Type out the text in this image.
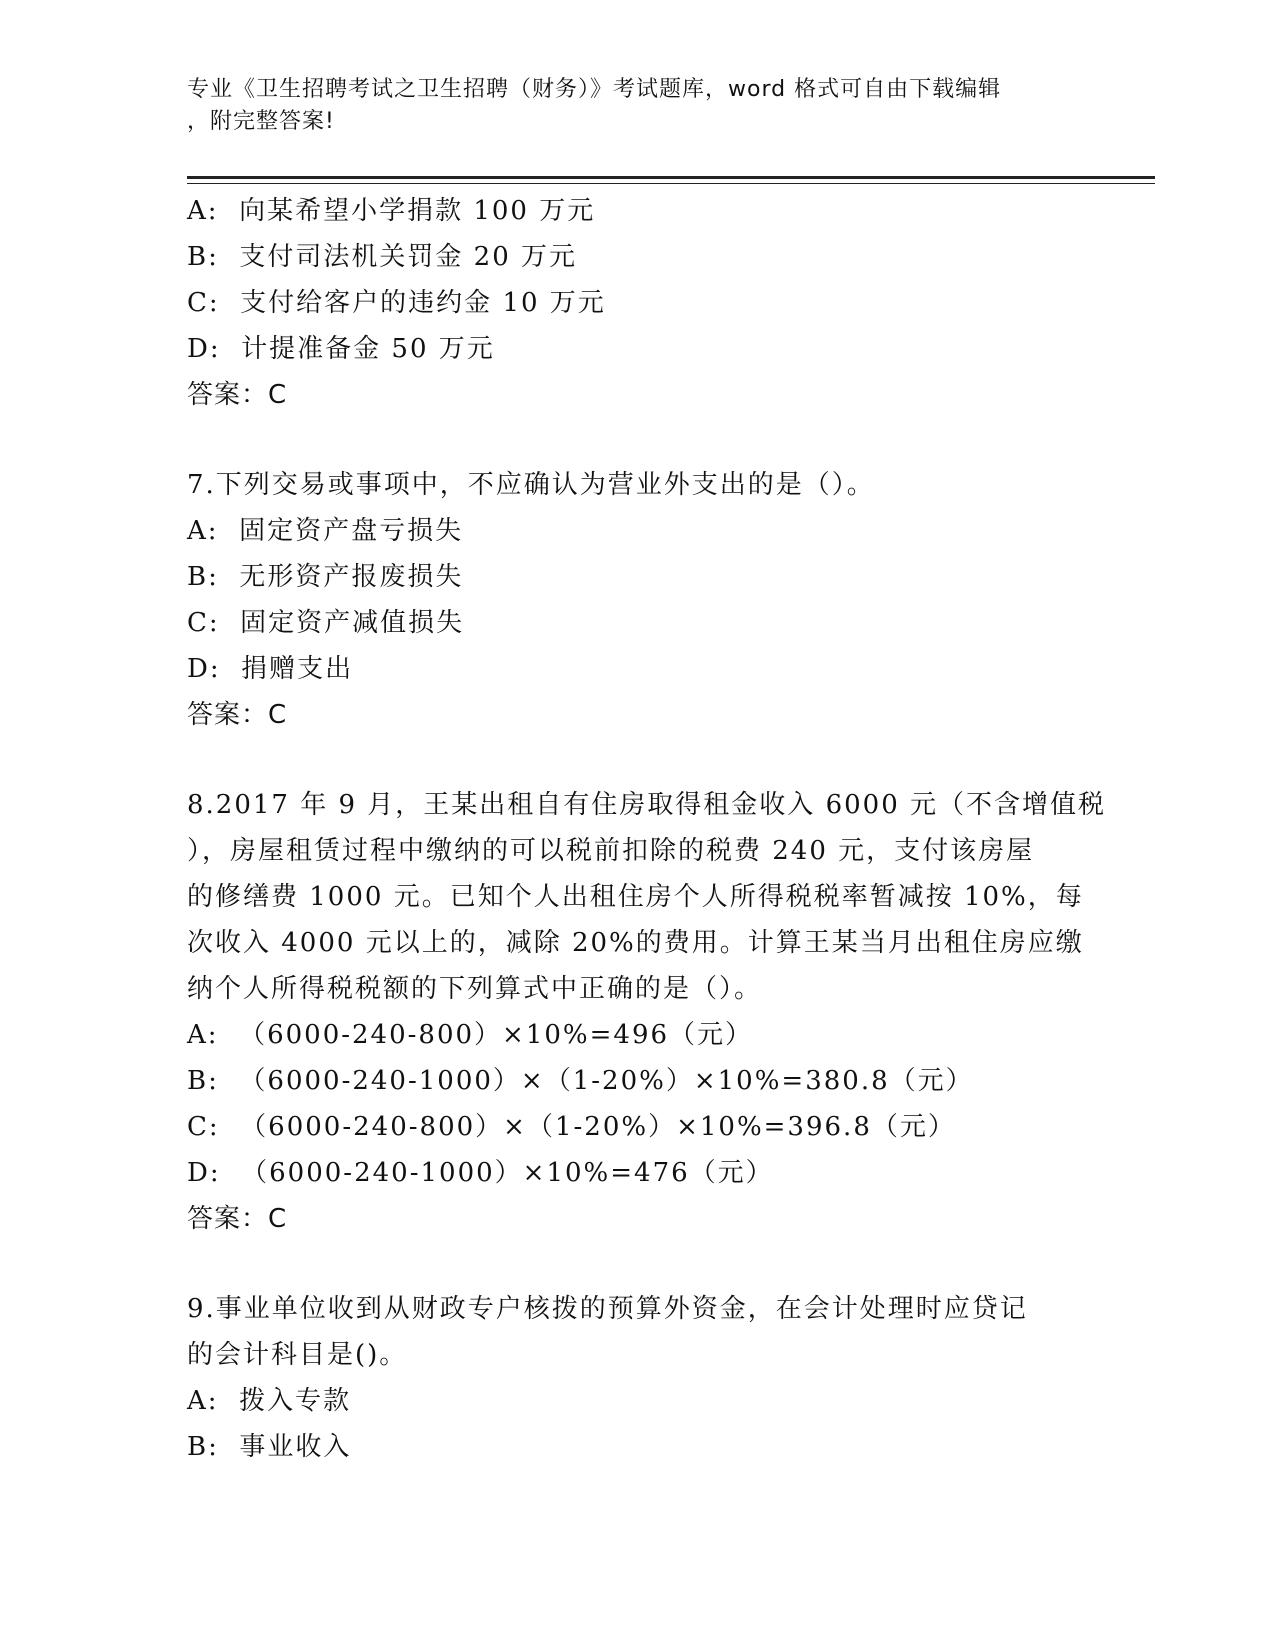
专业《卫生招聘考试之卫生招聘（财务）》考试题库，word 格式可自由下载编辑
，附完整答案!
A:  向某希望小学捐款 100 万元
B:  支付司法机关罚金 20 万元
C:  支付给客户的违约金 10 万元
D:  计提准备金 50 万元
答案：C
7.下列交易或事项中，不应确认为营业外支出的是（）。
A:  固定资产盘亏损失
B:  无形资产报废损失
C:  固定资产减值损失
D:  捐赠支出
答案：C
8.2017 年 9 月，王某出租自有住房取得租金收入 6000 元（不含增值税
），房屋租赁过程中缴纳的可以税前扣除的税费 240 元，支付该房屋
的修缮费 1000 元。已知个人出租住房个人所得税税率暂减按 10%，每
次收入 4000 元以上的，减除 20%的费用。计算王某当月出租住房应缴
纳个人所得税税额的下列算式中正确的是（）。
A:  （6000-240-800）×10%=496（元）
B:  （6000-240-1000）×（1-20%）×10%=380.8（元）
C:  （6000-240-800）×（1-20%）×10%=396.8（元）
D:  （6000-240-1000）×10%=476（元）
答案：C
9.事业单位收到从财政专户核拨的预算外资金，在会计处理时应贷记
的会计科目是()。
A:  拨入专款
B:  事业收入
